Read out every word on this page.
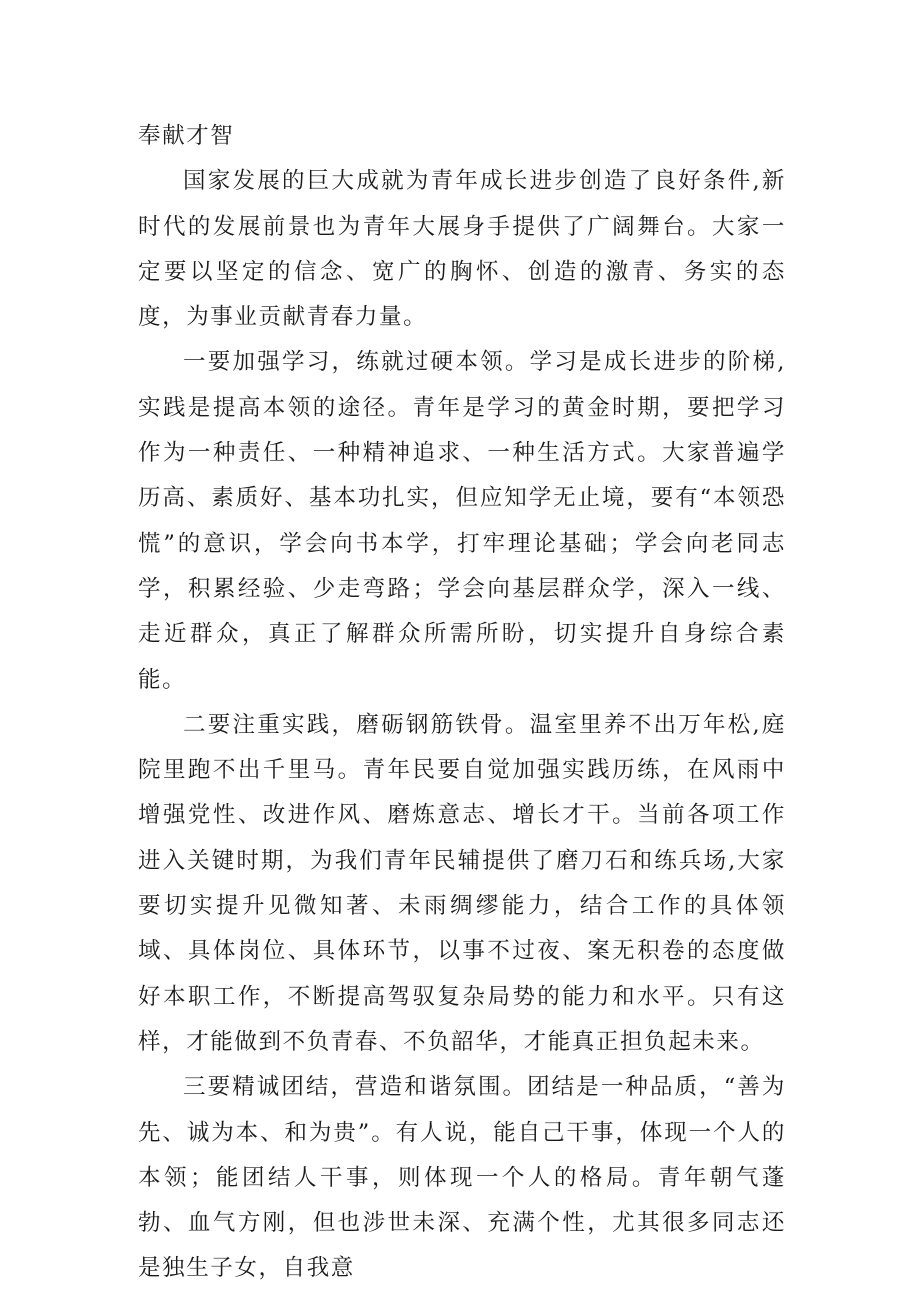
奉献才智

国家发展的巨大成就为青年成长进步创造了良好条件,新时代的发展前景也为青年大展身手提供了广阔舞台。大家一定要以坚定的信念、宽广的胸怀、创造的激青、务实的态度，为事业贡献青春力量。

一要加强学习，练就过硬本领。学习是成长进步的阶梯,实践是提高本领的途径。青年是学习的黄金时期，要把学习作为一种责任、一种精神追求、一种生活方式。大家普遍学历高、素质好、基本功扎实，但应知学无止境，要有“本领恐慌”的意识，学会向书本学，打牢理论基础；学会向老同志学，积累经验、少走弯路；学会向基层群众学，深入一线、走近群众，真正了解群众所需所盼，切实提升自身综合素能。

二要注重实践，磨砺钢筋铁骨。温室里养不出万年松,庭院里跑不出千里马。青年民要自觉加强实践历练，在风雨中增强党性、改进作风、磨炼意志、增长才干。当前各项工作进入关键时期，为我们青年民辅提供了磨刀石和练兵场,大家要切实提升见微知著、未雨绸缪能力，结合工作的具体领域、具体岗位、具体环节，以事不过夜、案无积卷的态度做好本职工作，不断提高驾驭复杂局势的能力和水平。只有这样，才能做到不负青春、不负韶华，才能真正担负起未来。

三要精诚团结，营造和谐氛围。团结是一种品质，“善为先、诚为本、和为贵”。有人说，能自己干事，体现一个人的本领；能团结人干事，则体现一个人的格局。青年朝气蓬勃、血气方刚，但也涉世未深、充满个性，尤其很多同志还是独生子女，自我意
